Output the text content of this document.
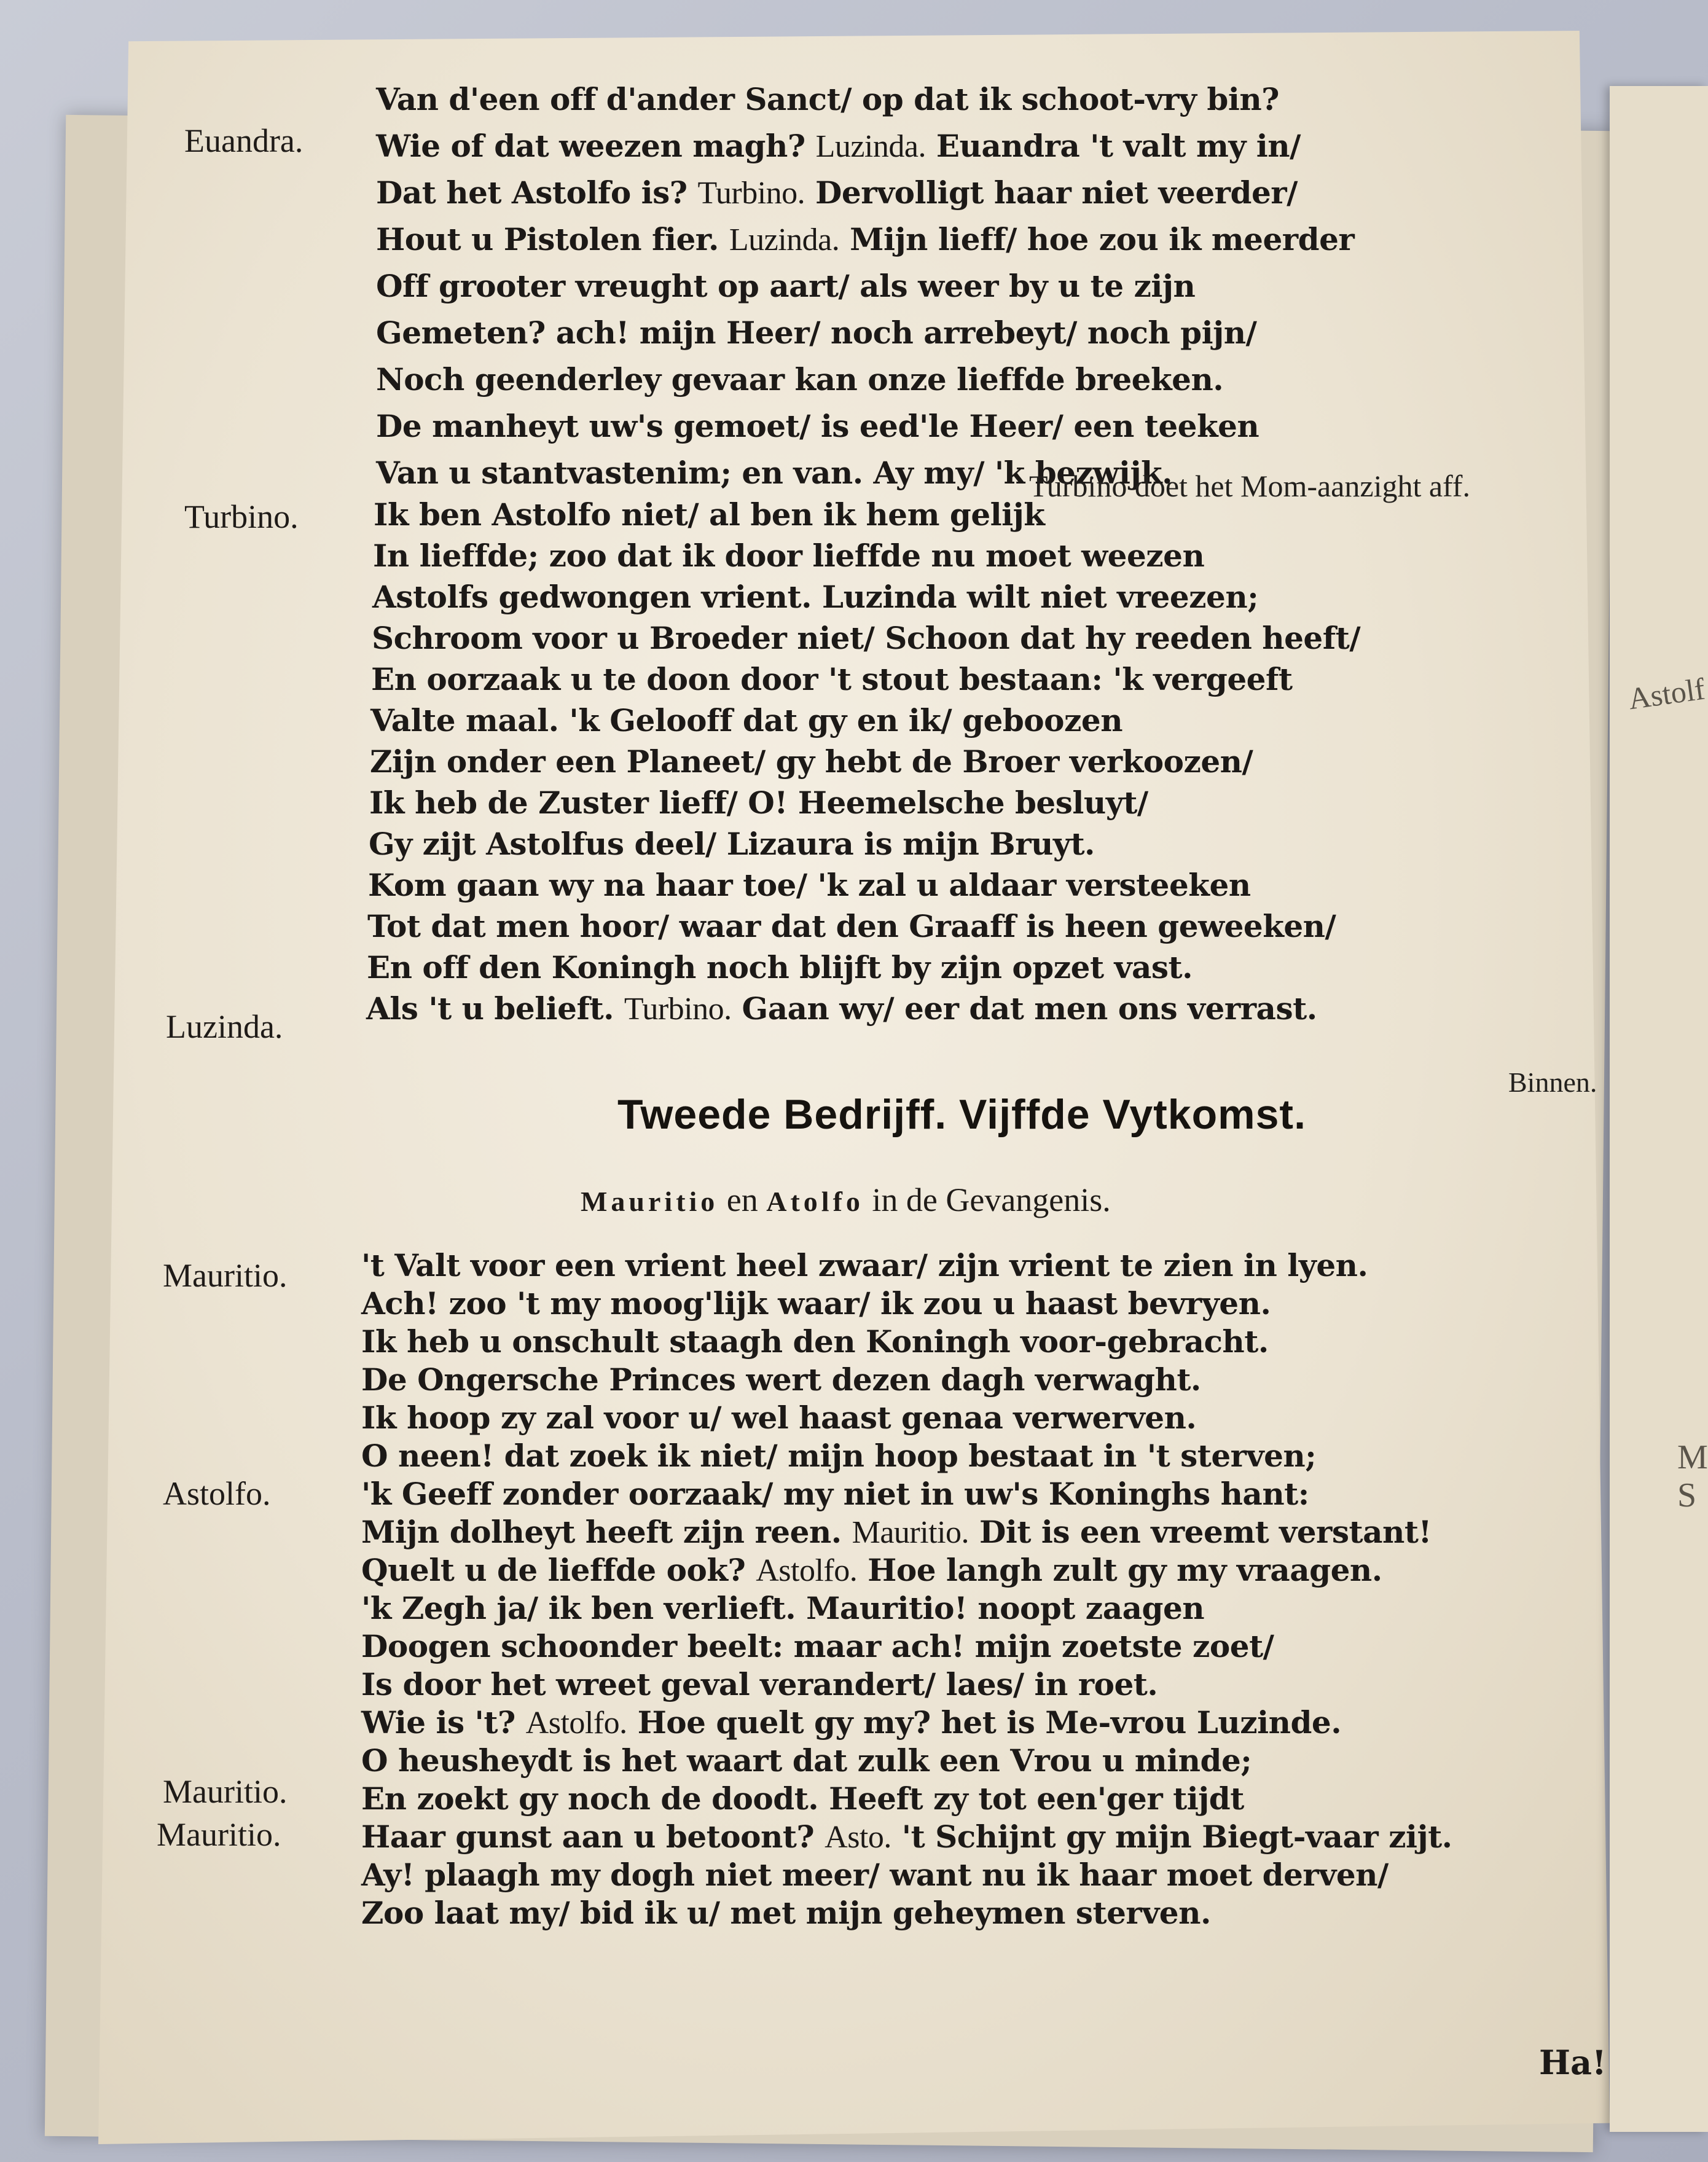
Astolf
M
S
Euandra.
Turbino.
Luzinda.
Mauritio.
Astolfo.
Mauritio.
Mauritio.
Van d'een off d'ander Sanct/ op dat ik schoot-vry bin?
Wie of dat weezen magh? Luzinda. Euandra 't valt my in/
Dat het Astolfo is? Turbino. Dervolligt haar niet veerder/
Hout u Pistolen fier. Luzinda. Mijn lieff/ hoe zou ik meerder
Off grooter vreught op aart/ als weer by u te zijn
Gemeten? ach! mijn Heer/ noch arrebeyt/ noch pijn/
Noch geenderley gevaar kan onze lieffde breeken.
De manheyt uw's gemoet/ is eed'le Heer/ een teeken
Van u stantvastenim; en van. Ay my/ 'k bezwijk.
Turbino doet het Mom-aanzight aff.
Ik ben Astolfo niet/ al ben ik hem gelijk
In lieffde; zoo dat ik door lieffde nu moet weezen
Astolfs gedwongen vrient. Luzinda wilt niet vreezen;
Schroom voor u Broeder niet/ Schoon dat hy reeden heeft/
En oorzaak u te doon door 't stout bestaan: 'k vergeeft
Valte maal. 'k Gelooff dat gy en ik/ geboozen
Zijn onder een Planeet/ gy hebt de Broer verkoozen/
Ik heb de Zuster lieff/ O! Heemelsche besluyt/
Gy zijt Astolfus deel/ Lizaura is mijn Bruyt.
Kom gaan wy na haar toe/ 'k zal u aldaar versteeken
Tot dat men hoor/ waar dat den Graaff is heen geweeken/
En off den Koningh noch blijft by zijn opzet vast.
Als 't u belieft. Turbino. Gaan wy/ eer dat men ons verrast.
Binnen.
Tweede Bedrijff. Vijffde Vytkomst.
Mauritio en Atolfo in de Gevangenis.
't Valt voor een vrient heel zwaar/ zijn vrient te zien in lyen.
Ach! zoo 't my moog'lijk waar/ ik zou u haast bevryen.
Ik heb u onschult staagh den Koningh voor-gebracht.
De Ongersche Princes wert dezen dagh verwaght.
Ik hoop zy zal voor u/ wel haast genaa verwerven.
O neen! dat zoek ik niet/ mijn hoop bestaat in 't sterven;
'k Geeff zonder oorzaak/ my niet in uw's Koninghs hant:
Mijn dolheyt heeft zijn reen. Mauritio. Dit is een vreemt verstant!
Quelt u de lieffde ook? Astolfo. Hoe langh zult gy my vraagen.
'k Zegh ja/ ik ben verlieft. Mauritio! noopt zaagen
Doogen schoonder beelt: maar ach! mijn zoetste zoet/
Is door het wreet geval verandert/ laes/ in roet.
Wie is 't? Astolfo. Hoe quelt gy my? het is Me-vrou Luzinde.
O heusheydt is het waart dat zulk een Vrou u minde;
En zoekt gy noch de doodt. Heeft zy tot een'ger tijdt
Haar gunst aan u betoont? Asto. 't Schijnt gy mijn Biegt-vaar zijt.
Ay! plaagh my dogh niet meer/ want nu ik haar moet derven/
Zoo laat my/ bid ik u/ met mijn geheymen sterven.
Ha!
